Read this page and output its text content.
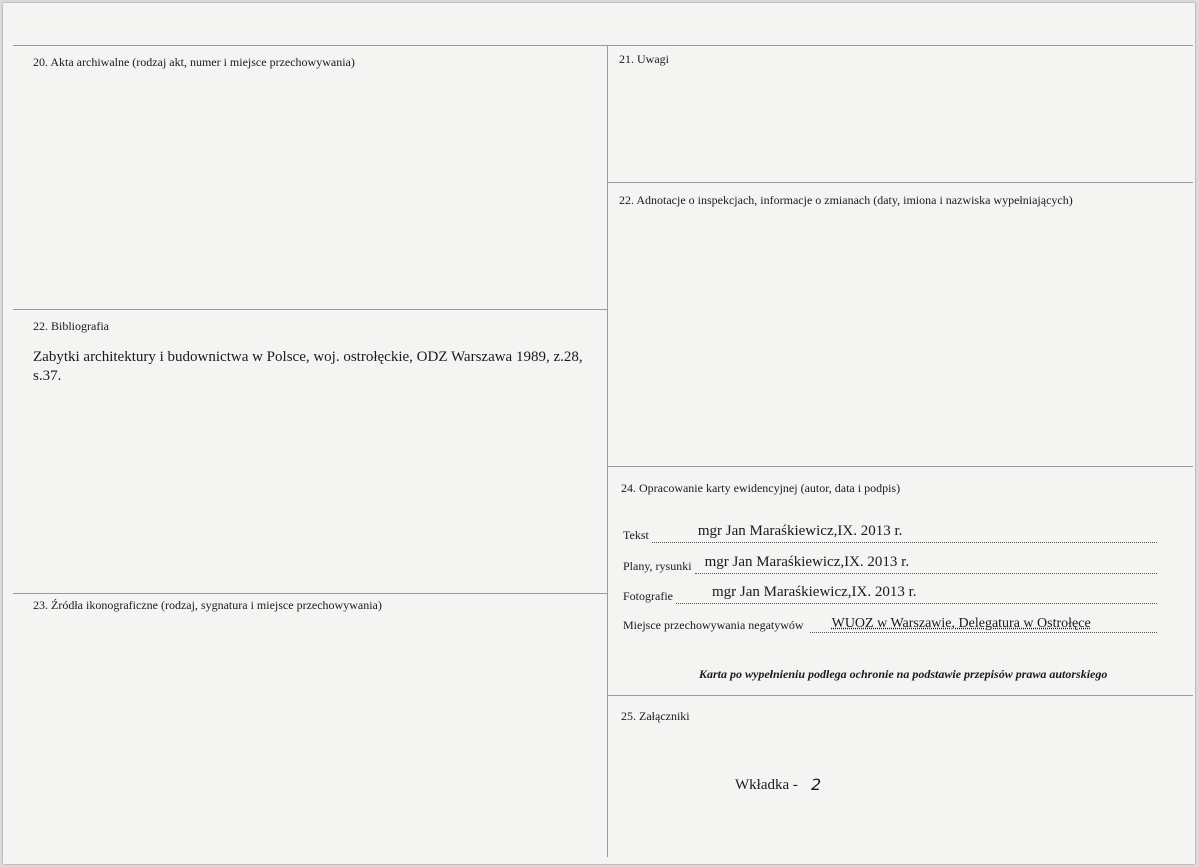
20. Akta archiwalne (rodzaj akt, numer i miejsce przechowywania)
22. Bibliografia
Zabytki architektury i budownictwa w Polsce, woj. ostrołęckie, ODZ Warszawa 1989, z.28, s.37.
23. Źródła ikonograficzne (rodzaj, sygnatura i miejsce przechowywania)
21. Uwagi
22. Adnotacje o inspekcjach, informacje o zmianach (daty, imiona i nazwiska wypełniających)
24. Opracowanie karty ewidencyjnej (autor, data i podpis)
Tekst	mgr Jan Maraśkiewicz,IX. 2013 r.
Plany, rysunki mgr Jan Maraśkiewicz,IX. 2013 r.
Fotografie	mgr Jan Maraśkiewicz,IX. 2013 r.
Miejsce przechowywania negatywów WUOZ w Warszawie, Delegatura w Ostrołęce
Karta po wypełnieniu podlega ochronie na podstawie przepisów prawa autorskiego
25. Załączniki
Wkładka - 2
